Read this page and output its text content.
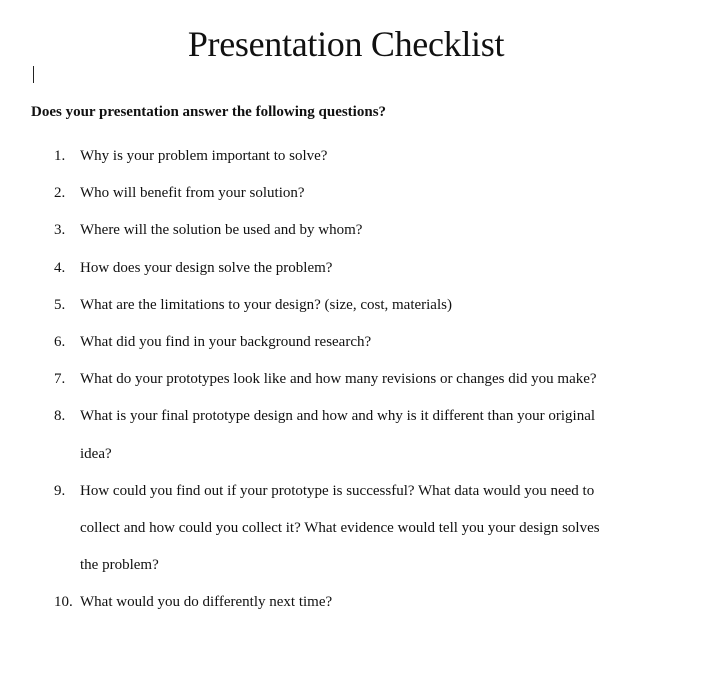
Presentation Checklist

Does your presentation answer the following questions?

1. Why is your problem important to solve?
2. Who will benefit from your solution?
3. Where will the solution be used and by whom?
4. How does your design solve the problem?
5. What are the limitations to your design? (size, cost, materials)
6. What did you find in your background research?
7. What do your prototypes look like and how many revisions or changes did you make?
8. What is your final prototype design and how and why is it different than your original
idea?
9. How could you find out if your prototype is successful? What data would you need to
collect and how could you collect it? What evidence would tell you your design solves
the problem?
10. What would you do differently next time?
